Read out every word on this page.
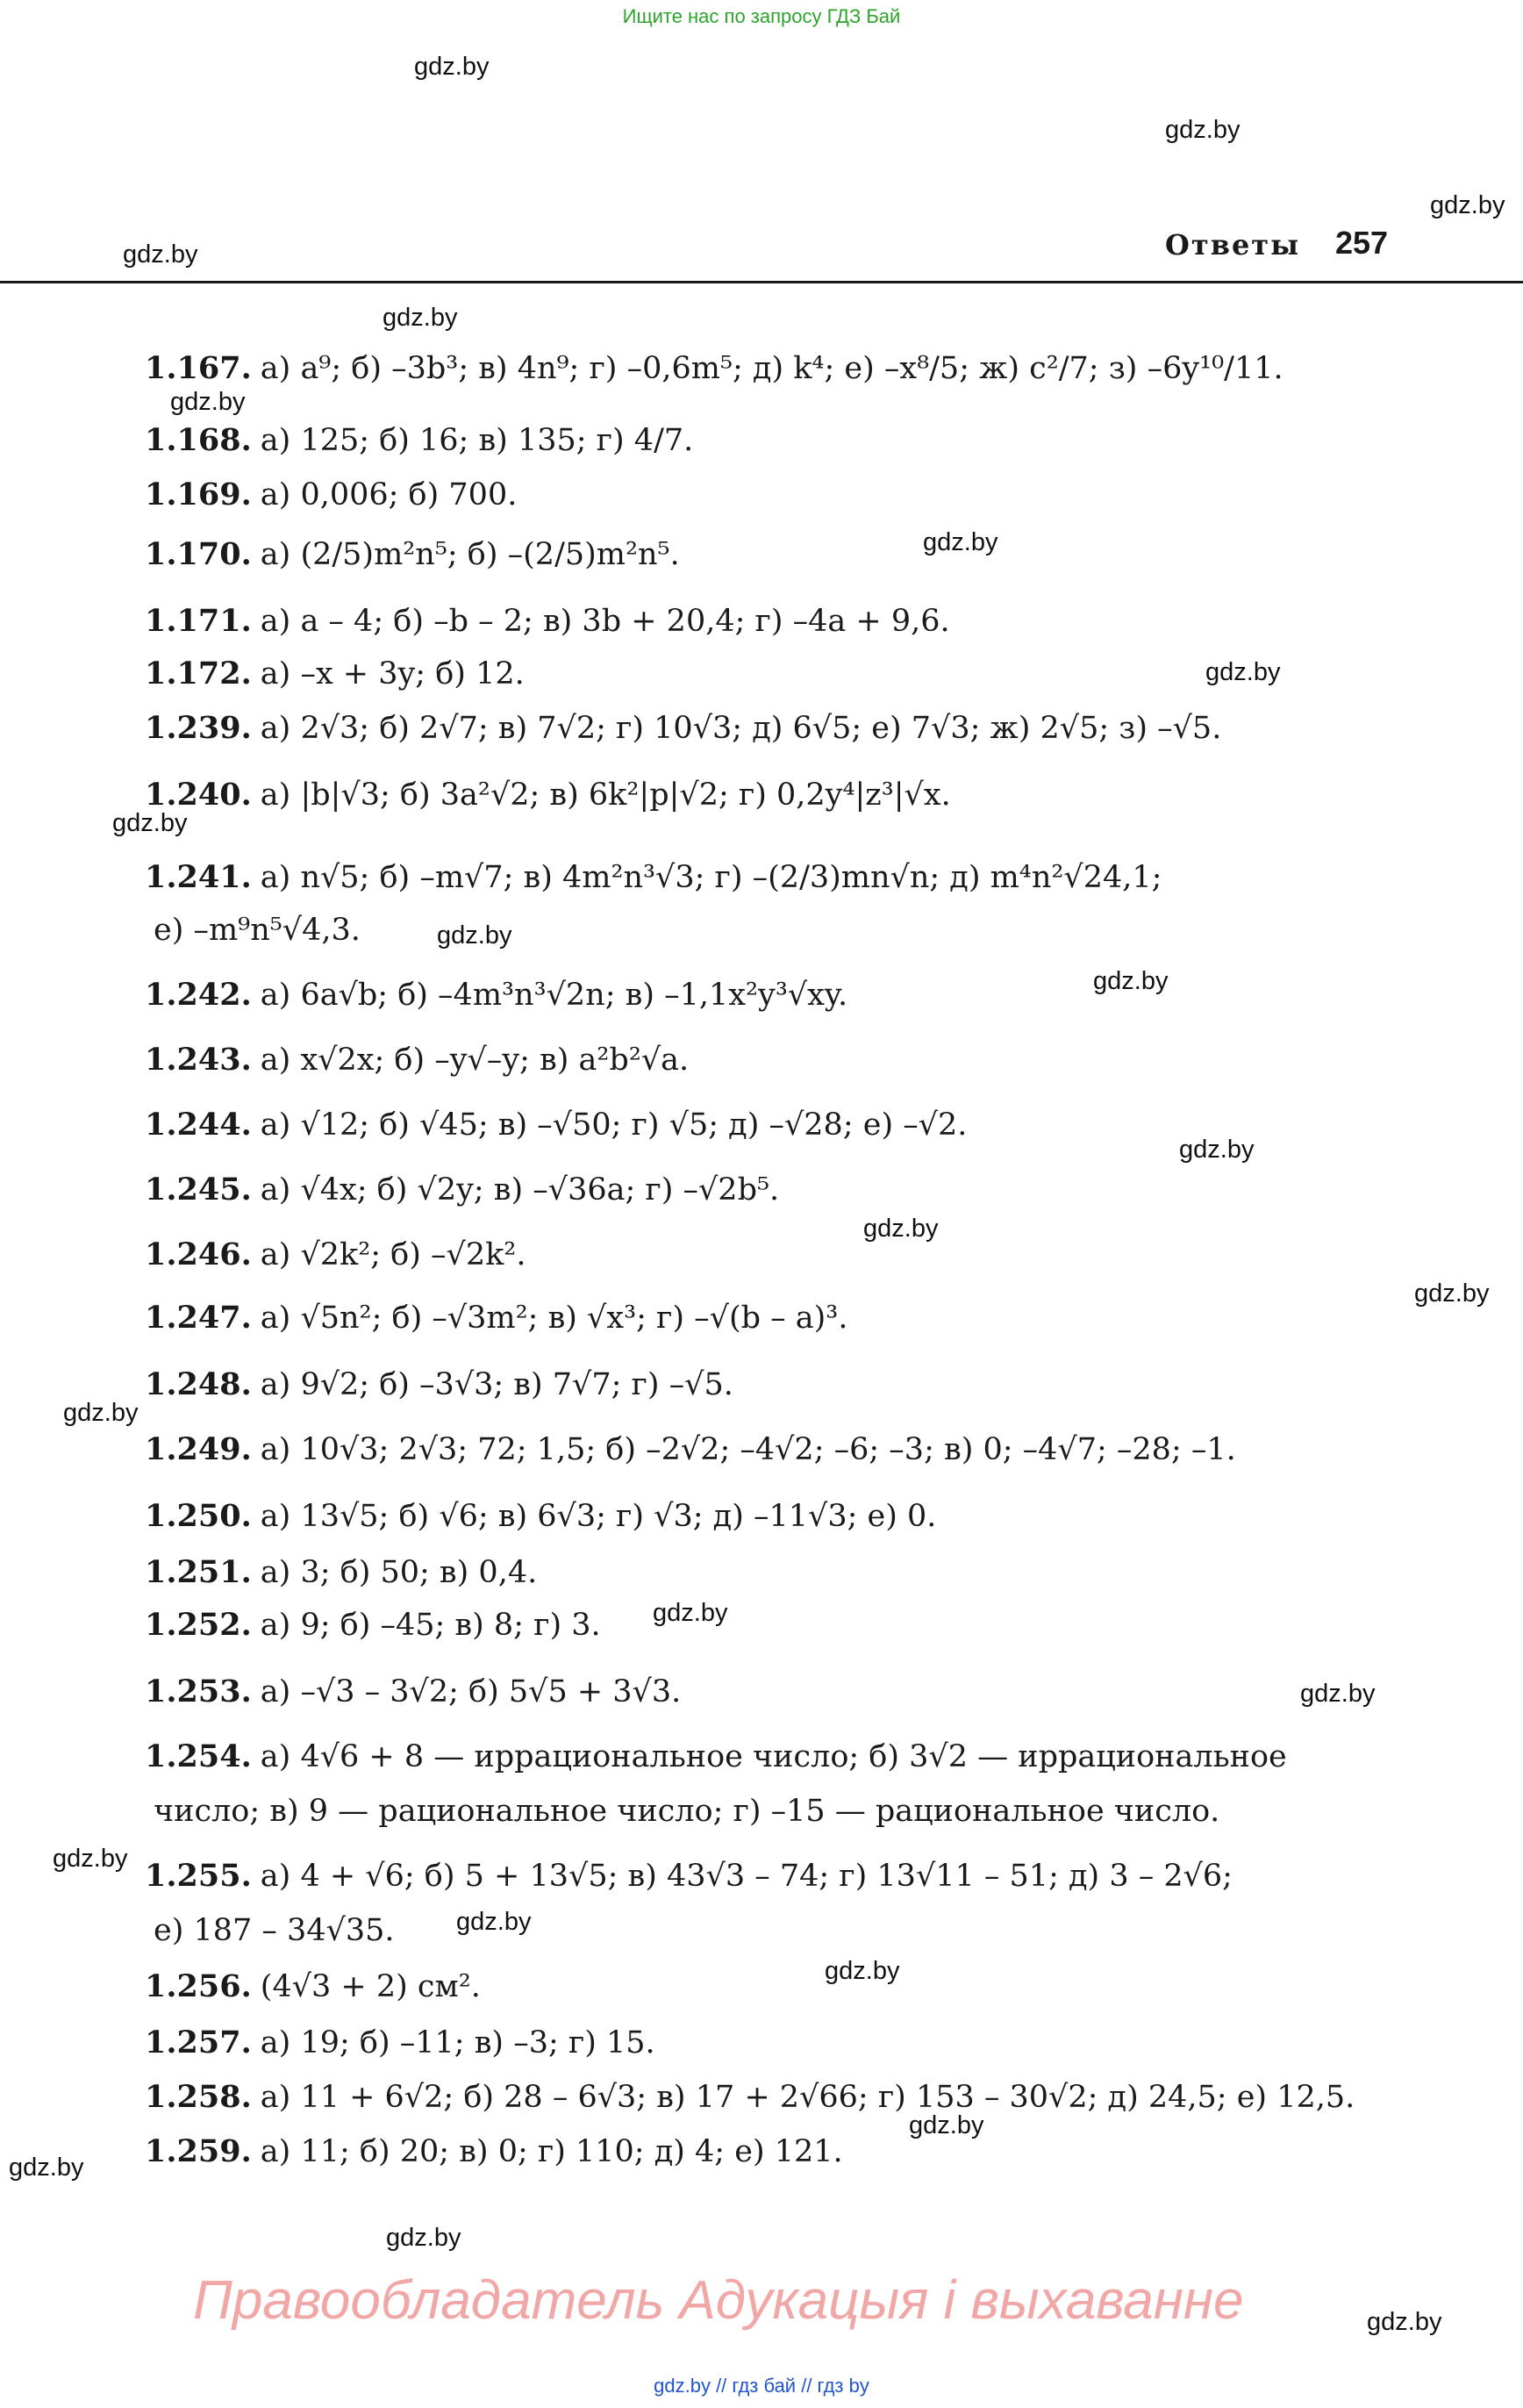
Ищите нас по запросу ГДЗ Бай
Ответы 257
gdz.by
gdz.by
gdz.by
gdz.by
gdz.by
gdz.by
gdz.by
gdz.by
gdz.by
gdz.by
gdz.by
gdz.by
gdz.by
gdz.by
gdz.by
gdz.by
gdz.by
gdz.by
gdz.by
gdz.by
gdz.by
gdz.by
gdz.by
gdz.by
1.167. а) a⁹; б) –3b³; в) 4n⁹; г) –0,6m⁵; д) k⁴; е) –x⁸/5; ж) c²/7; з) –6y¹⁰/11.
1.168. а) 125; б) 16; в) 135; г) 4/7.
1.169. а) 0,006; б) 700.
1.170. а) (2/5)m²n⁵; б) –(2/5)m²n⁵.
1.171. а) a – 4; б) –b – 2; в) 3b + 20,4; г) –4a + 9,6.
1.172. а) –x + 3y; б) 12.
1.239. а) 2√3; б) 2√7; в) 7√2; г) 10√3; д) 6√5; е) 7√3; ж) 2√5; з) –√5.
1.240. а) |b|√3; б) 3a²√2; в) 6k²|p|√2; г) 0,2y⁴|z³|√x.
1.241. а) n√5; б) –m√7; в) 4m²n³√3; г) –(2/3)mn√n; д) m⁴n²√24,1;
е) –m⁹n⁵√4,3.
1.242. а) 6a√b; б) –4m³n³√2n; в) –1,1x²y³√xy.
1.243. а) x√2x; б) –y√–y; в) a²b²√a.
1.244. а) √12; б) √45; в) –√50; г) √5; д) –√28; е) –√2.
1.245. а) √4x; б) √2y; в) –√36a; г) –√2b⁵.
1.246. а) √2k²; б) –√2k².
1.247. а) √5n²; б) –√3m²; в) √x³; г) –√(b – a)³.
1.248. а) 9√2; б) –3√3; в) 7√7; г) –√5.
1.249. а) 10√3; 2√3; 72; 1,5; б) –2√2; –4√2; –6; –3; в) 0; –4√7; –28; –1.
1.250. а) 13√5; б) √6; в) 6√3; г) √3; д) –11√3; е) 0.
1.251. а) 3; б) 50; в) 0,4.
1.252. а) 9; б) –45; в) 8; г) 3.
1.253. а) –√3 – 3√2; б) 5√5 + 3√3.
1.254. а) 4√6 + 8 — иррациональное число; б) 3√2 — иррациональное
число; в) 9 — рациональное число; г) –15 — рациональное число.
1.255. а) 4 + √6; б) 5 + 13√5; в) 43√3 – 74; г) 13√11 – 51; д) 3 – 2√6;
е) 187 – 34√35.
1.256. (4√3 + 2) см².
1.257. а) 19; б) –11; в) –3; г) 15.
1.258. а) 11 + 6√2; б) 28 – 6√3; в) 17 + 2√66; г) 153 – 30√2; д) 24,5; е) 12,5.
1.259. а) 11; б) 20; в) 0; г) 110; д) 4; е) 121.
Правообладатель Адукацыя і выхаванне
gdz.by // гдз бай // гдз by
